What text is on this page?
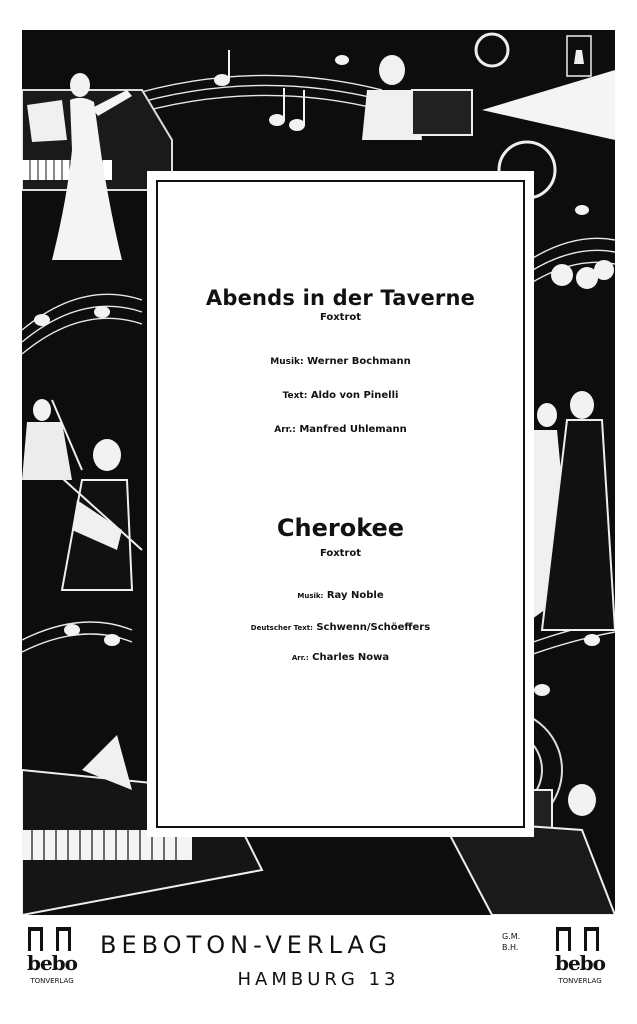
Abends in der Taverne
Foxtrot
Musik: Werner Bochmann
Text: Aldo von Pinelli
Arr.: Manfred Uhlemann
Cherokee
Foxtrot
Musik: Ray Noble
Deutscher Text: Schwenn/Schöeffers
Arr.: Charles Nowa
bebo
TONVERLAG
BEBOTON-VERLAG	G.M.
B.H.
HAMBURG 13
bebo
TONVERLAG
